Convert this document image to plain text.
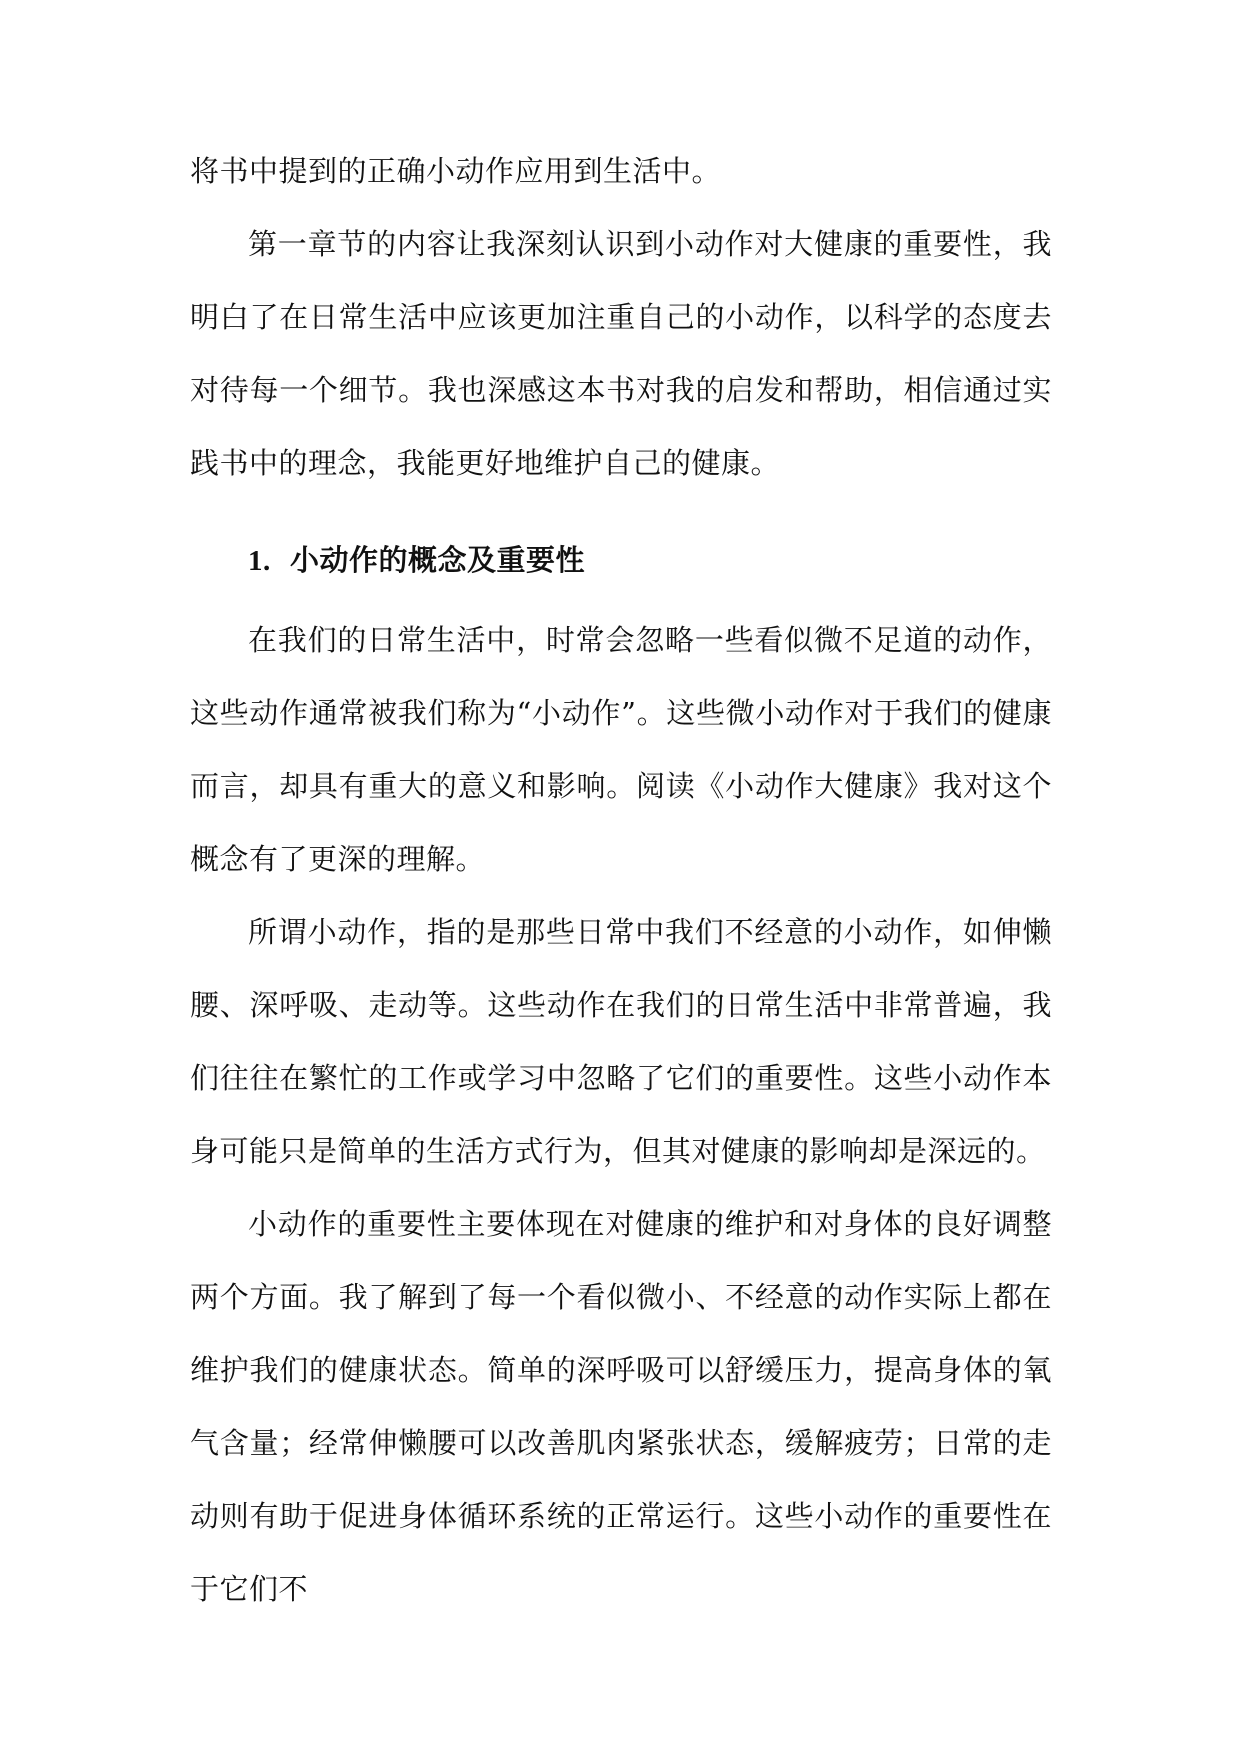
将书中提到的正确小动作应用到生活中。

第一章节的内容让我深刻认识到小动作对大健康的重要性，我明白了在日常生活中应该更加注重自己的小动作，以科学的态度去对待每一个细节。我也深感这本书对我的启发和帮助，相信通过实践书中的理念，我能更好地维护自己的健康。

1. 小动作的概念及重要性

在我们的日常生活中，时常会忽略一些看似微不足道的动作，这些动作通常被我们称为“小动作”。这些微小动作对于我们的健康而言，却具有重大的意义和影响。阅读《小动作大健康》我对这个概念有了更深的理解。

所谓小动作，指的是那些日常中我们不经意的小动作，如伸懒腰、深呼吸、走动等。这些动作在我们的日常生活中非常普遍，我们往往在繁忙的工作或学习中忽略了它们的重要性。这些小动作本身可能只是简单的生活方式行为，但其对健康的影响却是深远的。

小动作的重要性主要体现在对健康的维护和对身体的良好调整两个方面。我了解到了每一个看似微小、不经意的动作实际上都在维护我们的健康状态。简单的深呼吸可以舒缓压力，提高身体的氧气含量；经常伸懒腰可以改善肌肉紧张状态，缓解疲劳；日常的走动则有助于促进身体循环系统的正常运行。这些小动作的重要性在于它们不
